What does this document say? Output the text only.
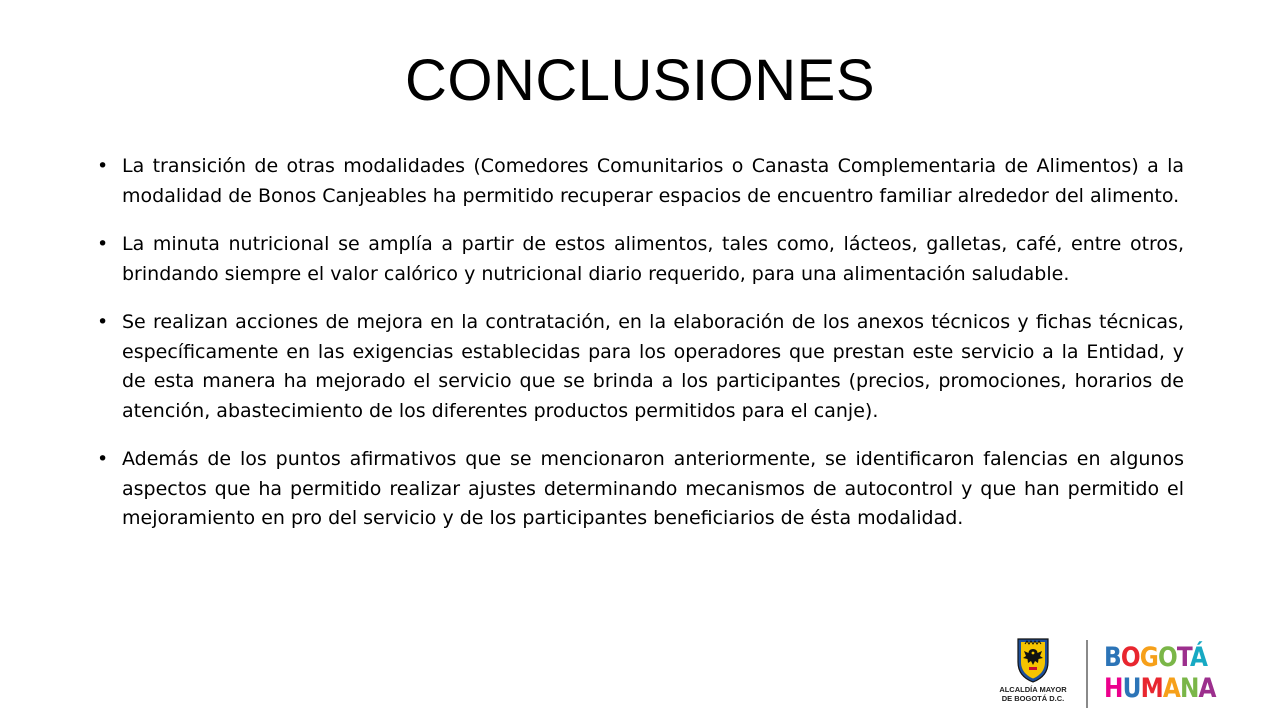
CONCLUSIONES
• La transición de otras modalidades (Comedores Comunitarios o Canasta Complementaria de Alimentos) a la modalidad de Bonos Canjeables ha permitido recuperar espacios de encuentro familiar alrededor del alimento.
• La minuta nutricional se amplía a partir de estos alimentos, tales como, lácteos, galletas, café, entre otros, brindando siempre el valor calórico y nutricional diario requerido, para una alimentación saludable.
• Se realizan acciones de mejora en la contratación, en la elaboración de los anexos técnicos y fichas técnicas, específicamente en las exigencias establecidas para los operadores que prestan este servicio a la Entidad, y de esta manera ha mejorado el servicio que se brinda a los participantes (precios, promociones, horarios de atención, abastecimiento de los diferentes productos permitidos para el canje).
• Además de los puntos afirmativos que se mencionaron anteriormente, se identificaron falencias en algunos aspectos que ha permitido realizar ajustes determinando mecanismos de autocontrol y que han permitido el mejoramiento en pro del servicio y de los participantes beneficiarios de ésta modalidad.
ALCALDÍA MAYOR
DE BOGOTÁ D.C.
BOGOTÁ
HUMANA
